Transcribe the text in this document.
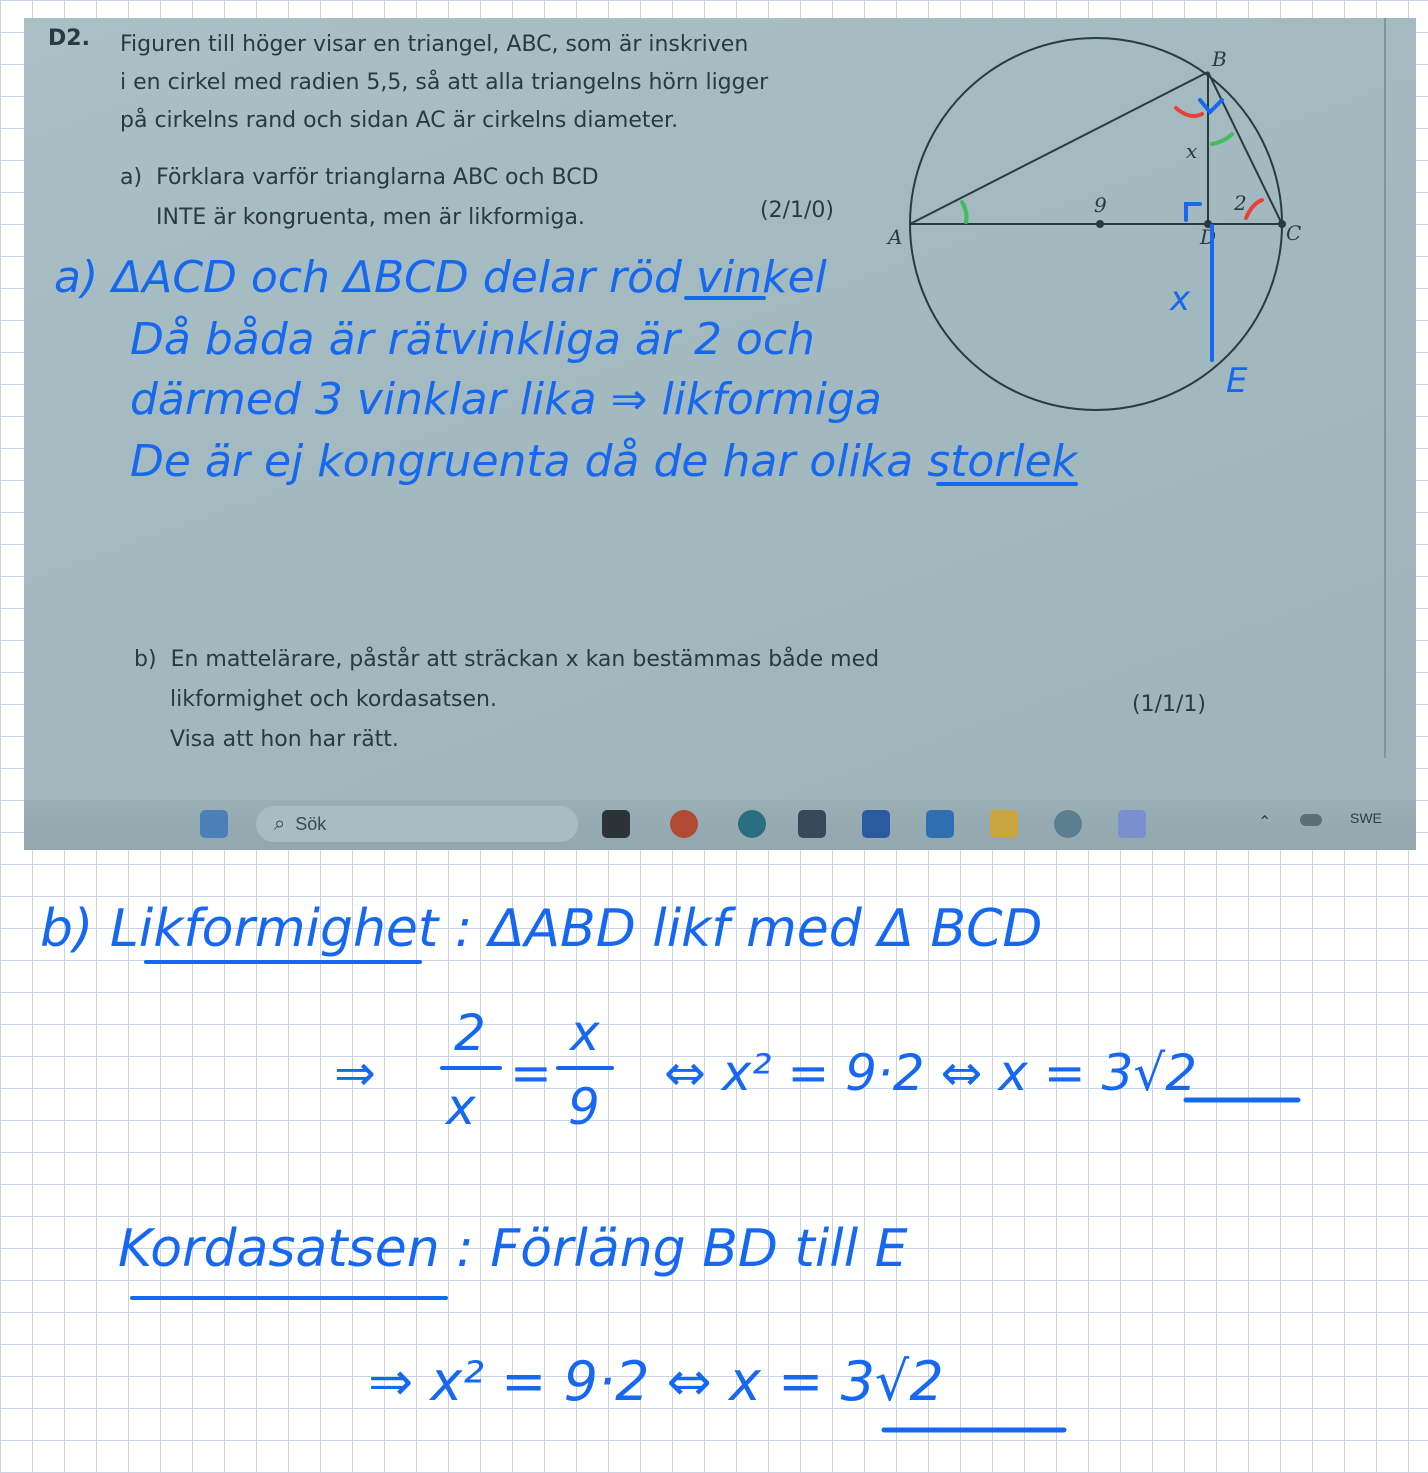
D2. Figuren till höger visar en triangel, ABC, som är inskriven
i en cirkel med radien 5,5, så att alla triangelns hörn ligger
på cirkelns rand och sidan AC är cirkelns diameter.
a) Förklara varför trianglarna ABC och BCD
INTE är kongruenta, men är likformiga.	(2/1/0)
b) En mattelärare, påstår att sträckan x kan bestämmas både med
likformighet och kordasatsen.
Visa att hon har rätt.
(1/1/1)
⌕ Sök	⌃	SWE
A
B
C
D
9	2
x
x
E
a) ΔACD och ΔBCD delar röd vinkel
Då båda är rätvinkliga är 2 och
därmed 3 vinklar lika ⇒ likformiga
De är ej kongruenta då de har olika storlek
b) Likformighet : ΔABD likf med Δ BCD
⇒
2
x
=
x
9
⇔ x² = 9·2 ⇔ x = 3√2
Kordasatsen : Förläng BD till E
⇒ x² = 9·2 ⇔ x = 3√2
